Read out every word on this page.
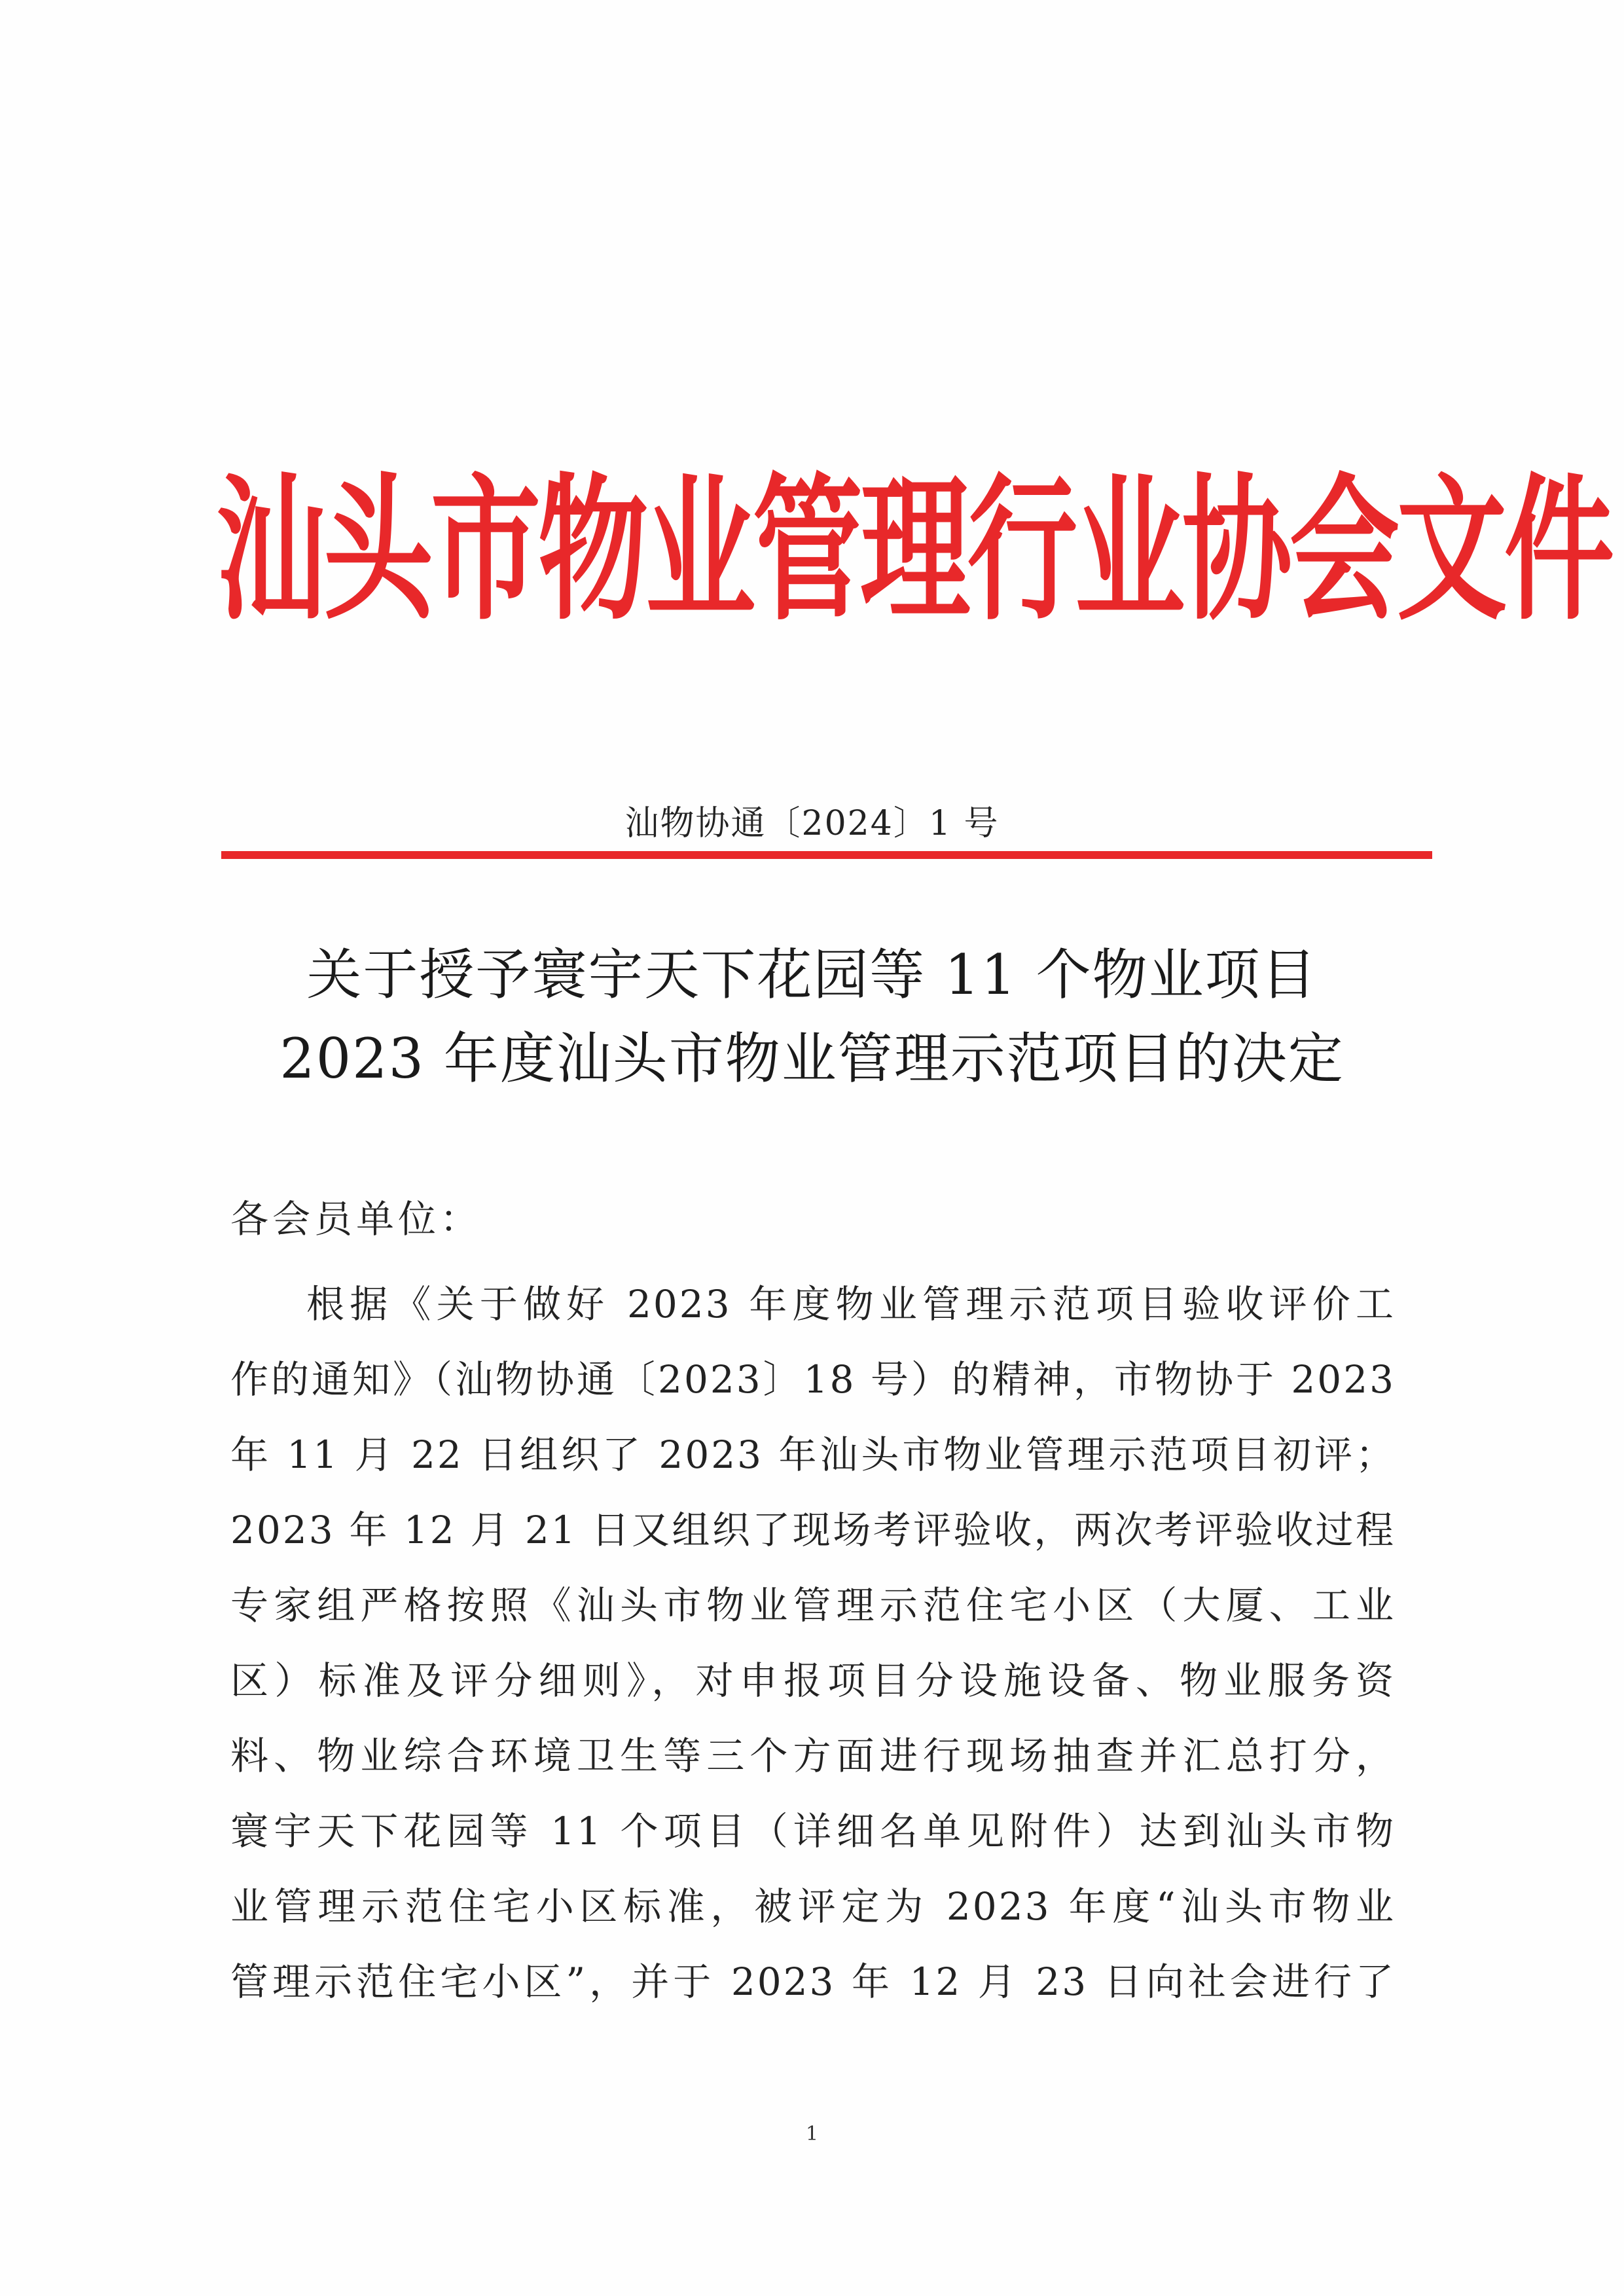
汕头市物业管理行业协会文件
汕物协通〔2024〕1 号
关于授予寰宇天下花园等 11 个物业项目
2023 年度汕头市物业管理示范项目的决定
各会员单位：
根据《关于做好 2023 年度物业管理示范项目验收评价工
作的通知》（汕物协通〔2023〕18 号）的精神，市物协于 2023
年 11 月 22 日组织了 2023 年汕头市物业管理示范项目初评；
2023 年 12 月 21 日又组织了现场考评验收，两次考评验收过程
专家组严格按照《汕头市物业管理示范住宅小区（大厦、工业
区）标准及评分细则》，对申报项目分设施设备、物业服务资
料、物业综合环境卫生等三个方面进行现场抽查并汇总打分，
寰宇天下花园等 11 个项目（详细名单见附件）达到汕头市物
业管理示范住宅小区标准，被评定为 2023 年度“汕头市物业
管理示范住宅小区”，并于 2023 年 12 月 23 日向社会进行了
1
